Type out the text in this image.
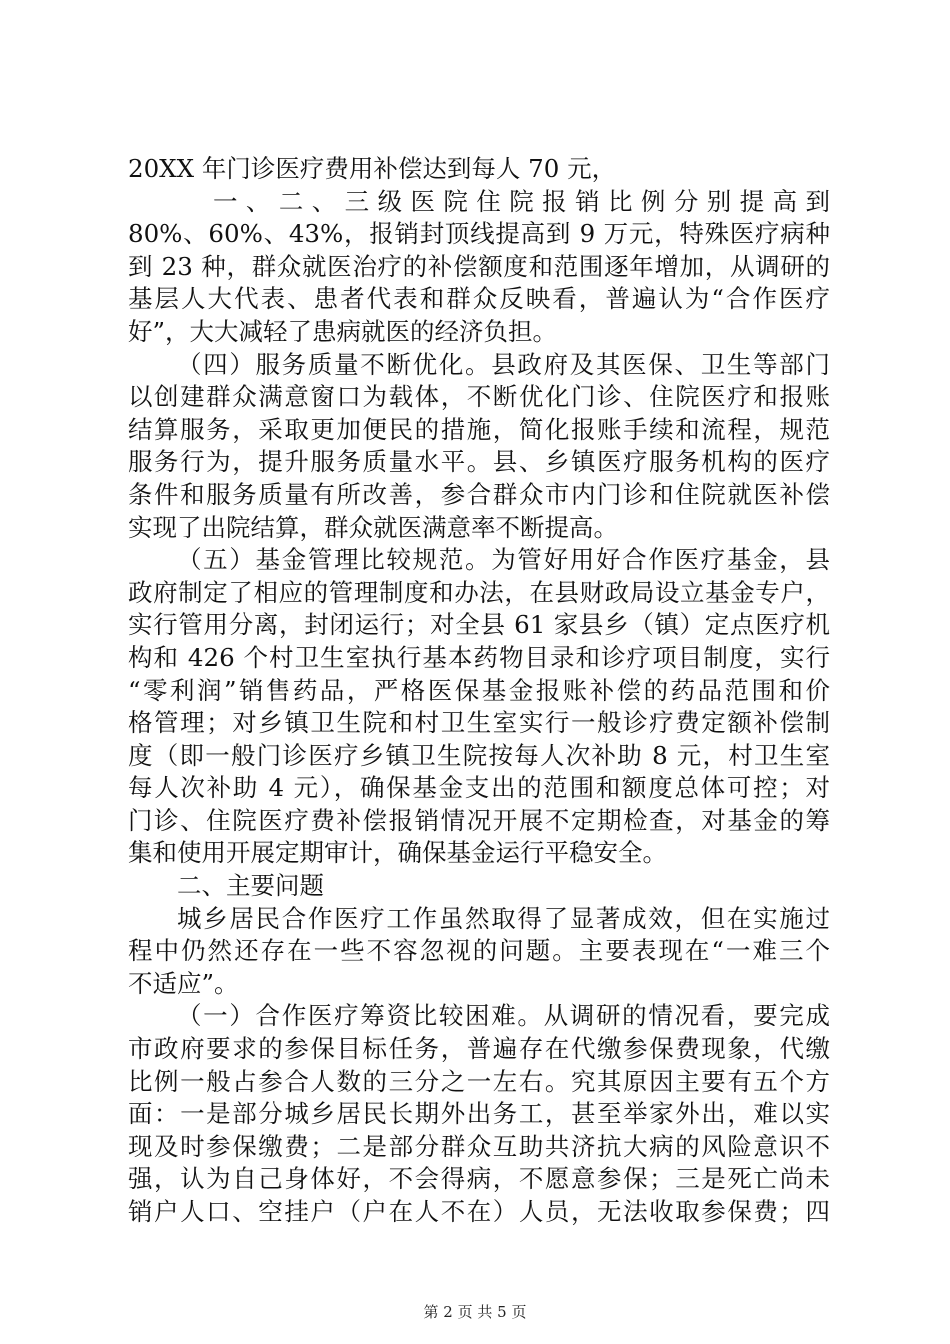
20XX 年门诊医疗费用补偿达到每人 70 元，
一、二、三级医院住院报销比例分别提高到
80%、60%、43%，报销封顶线提高到 9 万元，特殊医疗病种
到 23 种，群众就医治疗的补偿额度和范围逐年增加，从调研的
基层人大代表、患者代表和群众反映看，普遍认为“合作医疗
好”，大大减轻了患病就医的经济负担。
（四）服务质量不断优化。县政府及其医保、卫生等部门
以创建群众满意窗口为载体，不断优化门诊、住院医疗和报账
结算服务，采取更加便民的措施，简化报账手续和流程，规范
服务行为，提升服务质量水平。县、乡镇医疗服务机构的医疗
条件和服务质量有所改善，参合群众市内门诊和住院就医补偿
实现了出院结算，群众就医满意率不断提高。
（五）基金管理比较规范。为管好用好合作医疗基金，县
政府制定了相应的管理制度和办法，在县财政局设立基金专户，
实行管用分离，封闭运行；对全县 61 家县乡（镇）定点医疗机
构和 426 个村卫生室执行基本药物目录和诊疗项目制度，实行
“零利润”销售药品，严格医保基金报账补偿的药品范围和价
格管理；对乡镇卫生院和村卫生室实行一般诊疗费定额补偿制
度（即一般门诊医疗乡镇卫生院按每人次补助 8 元，村卫生室
每人次补助 4 元），确保基金支出的范围和额度总体可控；对
门诊、住院医疗费补偿报销情况开展不定期检查，对基金的筹
集和使用开展定期审计，确保基金运行平稳安全。
二、主要问题
城乡居民合作医疗工作虽然取得了显著成效，但在实施过
程中仍然还存在一些不容忽视的问题。主要表现在“一难三个
不适应”。
（一）合作医疗筹资比较困难。从调研的情况看，要完成
市政府要求的参保目标任务，普遍存在代缴参保费现象，代缴
比例一般占参合人数的三分之一左右。究其原因主要有五个方
面：一是部分城乡居民长期外出务工，甚至举家外出，难以实
现及时参保缴费；二是部分群众互助共济抗大病的风险意识不
强，认为自己身体好，不会得病，不愿意参保；三是死亡尚未
销户人口、空挂户（户在人不在）人员，无法收取参保费；四
第 2 页 共 5 页
